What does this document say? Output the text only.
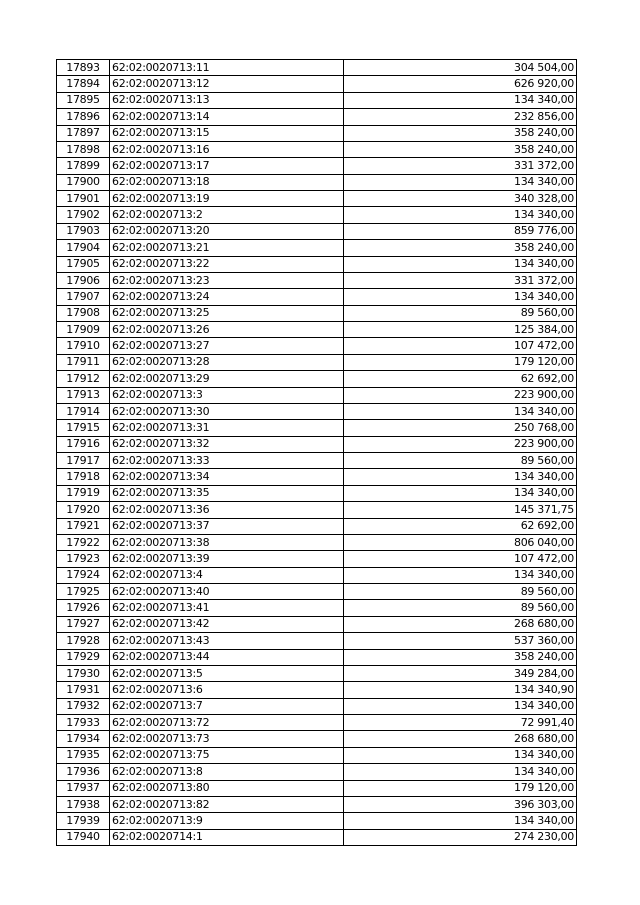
17893	62:02:0020713:11	304 504,00
17894	62:02:0020713:12	626 920,00
17895	62:02:0020713:13	134 340,00
17896	62:02:0020713:14	232 856,00
17897	62:02:0020713:15	358 240,00
17898	62:02:0020713:16	358 240,00
17899	62:02:0020713:17	331 372,00
17900	62:02:0020713:18	134 340,00
17901	62:02:0020713:19	340 328,00
17902	62:02:0020713:2	134 340,00
17903	62:02:0020713:20	859 776,00
17904	62:02:0020713:21	358 240,00
17905	62:02:0020713:22	134 340,00
17906	62:02:0020713:23	331 372,00
17907	62:02:0020713:24	134 340,00
17908	62:02:0020713:25	89 560,00
17909	62:02:0020713:26	125 384,00
17910	62:02:0020713:27	107 472,00
17911	62:02:0020713:28	179 120,00
17912	62:02:0020713:29	62 692,00
17913	62:02:0020713:3	223 900,00
17914	62:02:0020713:30	134 340,00
17915	62:02:0020713:31	250 768,00
17916	62:02:0020713:32	223 900,00
17917	62:02:0020713:33	89 560,00
17918	62:02:0020713:34	134 340,00
17919	62:02:0020713:35	134 340,00
17920	62:02:0020713:36	145 371,75
17921	62:02:0020713:37	62 692,00
17922	62:02:0020713:38	806 040,00
17923	62:02:0020713:39	107 472,00
17924	62:02:0020713:4	134 340,00
17925	62:02:0020713:40	89 560,00
17926	62:02:0020713:41	89 560,00
17927	62:02:0020713:42	268 680,00
17928	62:02:0020713:43	537 360,00
17929	62:02:0020713:44	358 240,00
17930	62:02:0020713:5	349 284,00
17931	62:02:0020713:6	134 340,90
17932	62:02:0020713:7	134 340,00
17933	62:02:0020713:72	72 991,40
17934	62:02:0020713:73	268 680,00
17935	62:02:0020713:75	134 340,00
17936	62:02:0020713:8	134 340,00
17937	62:02:0020713:80	179 120,00
17938	62:02:0020713:82	396 303,00
17939	62:02:0020713:9	134 340,00
17940	62:02:0020714:1	274 230,00
